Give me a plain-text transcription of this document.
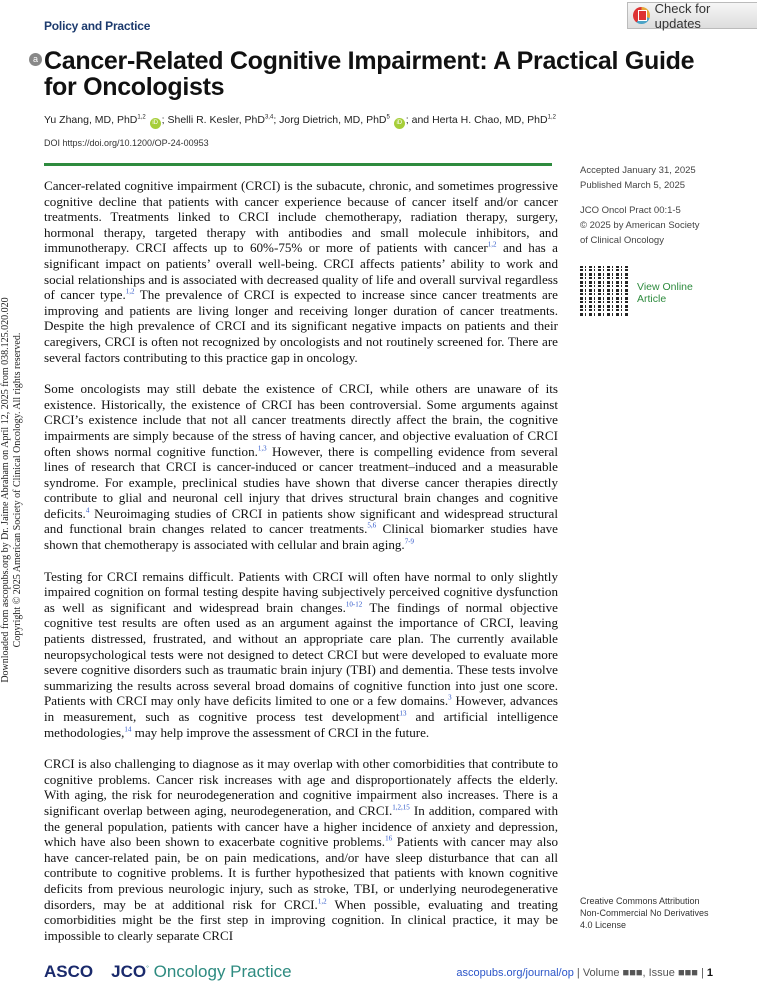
Policy and Practice
Check for updates
a Cancer-Related Cognitive Impairment: A Practical Guide for Oncologists
Yu Zhang, MD, PhD$^{1,2}$ iD ; Shelli R. Kesler, PhD$^{3,4}$; Jorg Dietrich, MD, PhD$^5$ iD ; and Herta H. Chao, MD, PhD$^{1,2}$
DOI https://doi.org/10.1200/OP-24-00953

Cancer-related cognitive impairment (CRCI) is the subacute, chronic, and sometimes progressive cognitive decline that patients with cancer experience because of cancer itself and/or cancer treatments. Treatments linked to CRCI include chemotherapy, radiation therapy, surgery, hormonal therapy, targeted therapy with antibodies and small molecule inhibitors, and immunotherapy. CRCI affects up to 60%-75% or more of patients with cancer$^{1,2}$ and has a significant impact on patients’ overall well-being. CRCI affects patients’ ability to work and social relationships and is associated with decreased quality of life and overall survival regardless of cancer type.$^{1,2}$ The prevalence of CRCI is expected to increase since cancer treatments are improving and patients are living longer and receiving longer duration of cancer treatments. Despite the high prevalence of CRCI and its significant negative impacts on patients and their caregivers, CRCI is often not recognized by oncologists and not routinely screened for. There are several factors contributing to this practice gap in oncology.

Some oncologists may still debate the existence of CRCI, while others are unaware of its existence. Historically, the existence of CRCI has been controversial. Some arguments against CRCI’s existence include that not all cancer treatments directly affect the brain, the cognitive impairments are simply because of the stress of having cancer, and objective evaluation of CRCI often shows normal cognitive function.$^{1,3}$ However, there is compelling evidence from several lines of research that CRCI is cancer-induced or cancer treatment–induced and a measurable syndrome. For example, preclinical studies have shown that diverse cancer therapies directly contribute to glial and neuronal cell injury that drives structural brain changes and cognitive deficits.$^4$ Neuroimaging studies of CRCI in patients show significant and widespread structural and functional brain changes related to cancer treatments.$^{5,6}$ Clinical biomarker studies have shown that chemotherapy is associated with cellular and brain aging.$^{7-9}$

Testing for CRCI remains difficult. Patients with CRCI will often have normal to only slightly impaired cognition on formal testing despite having subjectively perceived cognitive dysfunction as well as significant and widespread brain changes.$^{10-12}$ The findings of normal objective cognitive test results are often used as an argument against the importance of CRCI, leaving patients distressed, frustrated, and without an appropriate care plan. The currently available neuropsychological tests were not designed to detect CRCI but were developed to evaluate more severe cognitive disorders such as traumatic brain injury (TBI) and dementia. These tests involve summarizing the results across several broad domains of cognitive function into just one score. Patients with CRCI may only have deficits limited to one or a few domains.$^3$ However, advances in measurement, such as cognitive process test development$^{13}$ and artificial intelligence methodologies,$^{14}$ may help improve the assessment of CRCI in the future.

CRCI is also challenging to diagnose as it may overlap with other comorbidities that contribute to cognitive problems. Cancer risk increases with age and disproportionately affects the elderly. With aging, the risk for neurodegeneration and cognitive impairment also increases. There is a significant overlap between aging, neurodegeneration, and CRCI.$^{1,2,15}$ In addition, compared with the general population, patients with cancer have a higher incidence of anxiety and depression, which have also been shown to exacerbate cognitive problems.$^{16}$ Patients with cancer may also have cancer-related pain, be on pain medications, and/or have sleep disturbance that can all contribute to cognitive problems. It is further hypothesized that patients with known cognitive deficits from previous neurologic injury, such as stroke, TBI, or underlying neurodegenerative disorders, may be at additional risk for CRCI.$^{1,2}$ When possible, evaluating and treating comorbidities might be the first step in improving cognition. In clinical practice, it may be impossible to clearly separate CRCI

Accepted January 31, 2025
Published March 5, 2025
JCO Oncol Pract 00:1-5
© 2025 by American Society of Clinical Oncology
View Online Article
Creative Commons Attribution Non-Commercial No Derivatives 4.0 License
Downloaded from ascopubs.org by Dr. Jaime Abraham on April 12, 2025 from 038.125.020.020 Copyright © 2025 American Society of Clinical Oncology. All rights reserved.
ASCO JCO° Oncology Practice	ascopubs.org/journal/op | Volume ■■■, Issue ■■■ | 1
